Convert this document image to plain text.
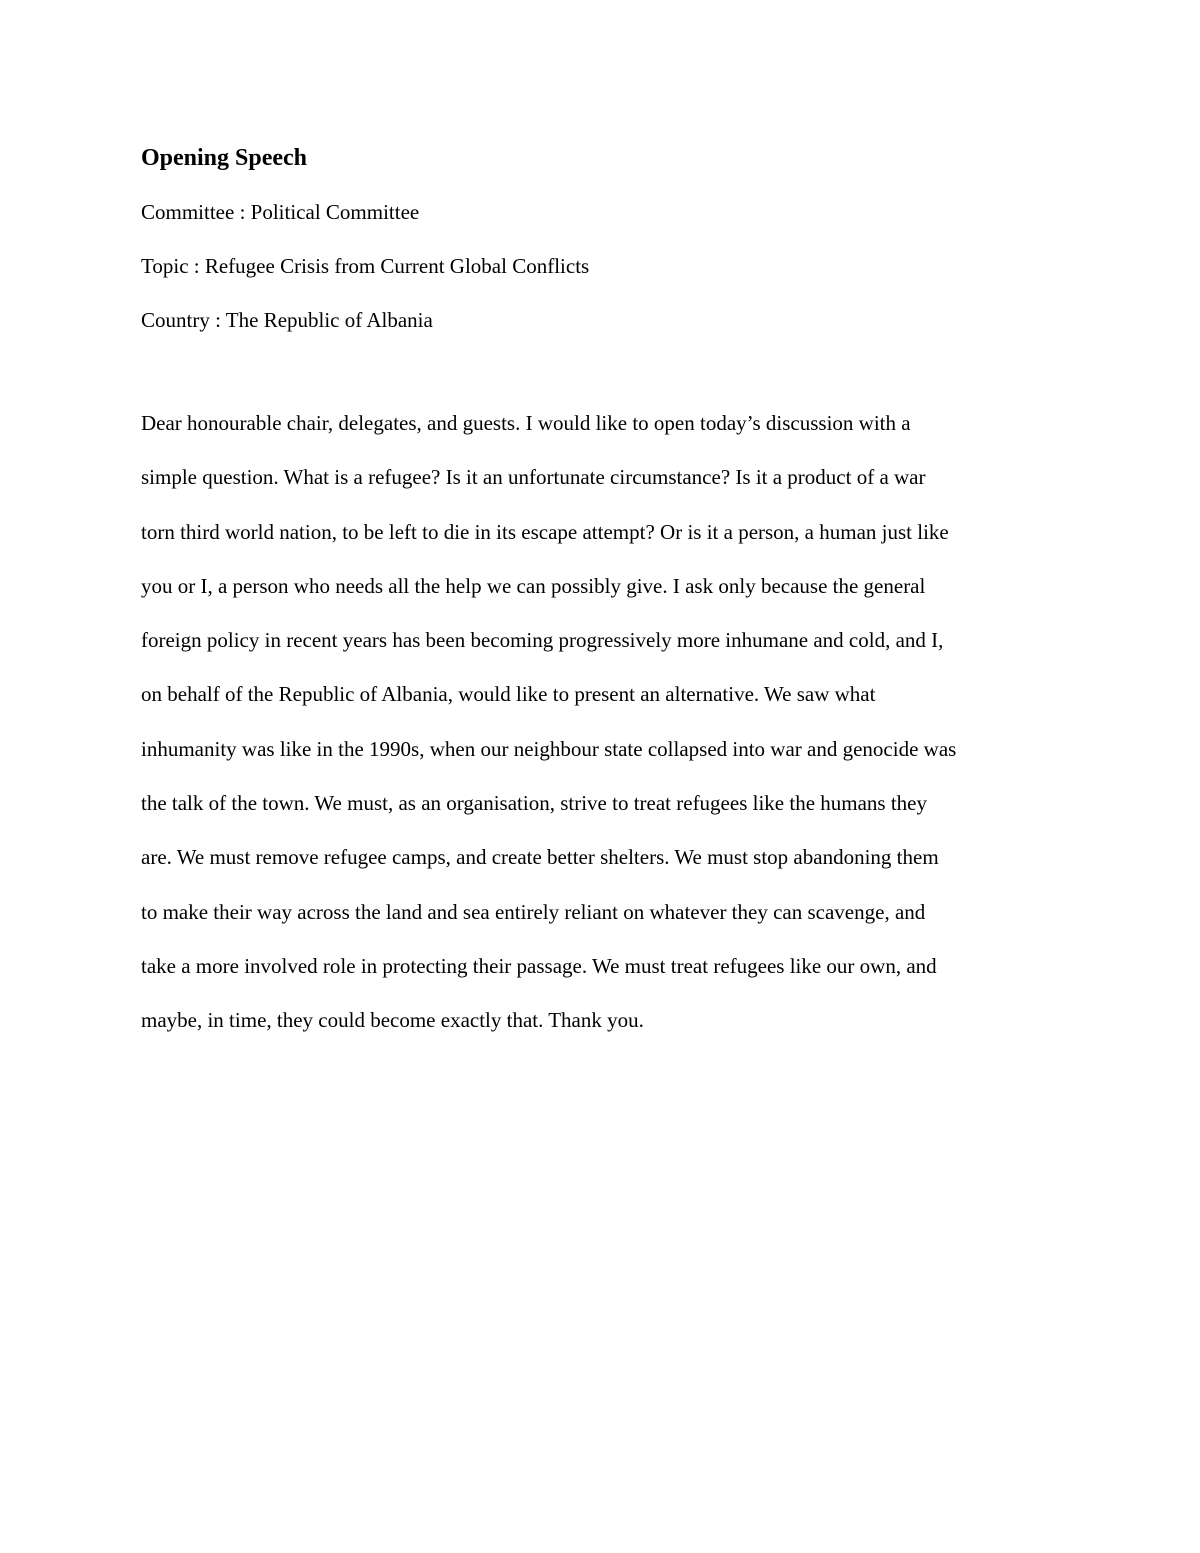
Opening Speech
Committee : Political Committee
Topic : Refugee Crisis from Current Global Conflicts
Country : The Republic of Albania
Dear honourable chair, delegates, and guests. I would like to open today’s discussion with a
simple question. What is a refugee? Is it an unfortunate circumstance? Is it a product of a war
torn third world nation, to be left to die in its escape attempt? Or is it a person, a human just like
you or I, a person who needs all the help we can possibly give. I ask only because the general
foreign policy in recent years has been becoming progressively more inhumane and cold, and I,
on behalf of the Republic of Albania, would like to present an alternative. We saw what
inhumanity was like in the 1990s, when our neighbour state collapsed into war and genocide was
the talk of the town. We must, as an organisation, strive to treat refugees like the humans they
are. We must remove refugee camps, and create better shelters. We must stop abandoning them
to make their way across the land and sea entirely reliant on whatever they can scavenge, and
take a more involved role in protecting their passage. We must treat refugees like our own, and
maybe, in time, they could become exactly that. Thank you.
